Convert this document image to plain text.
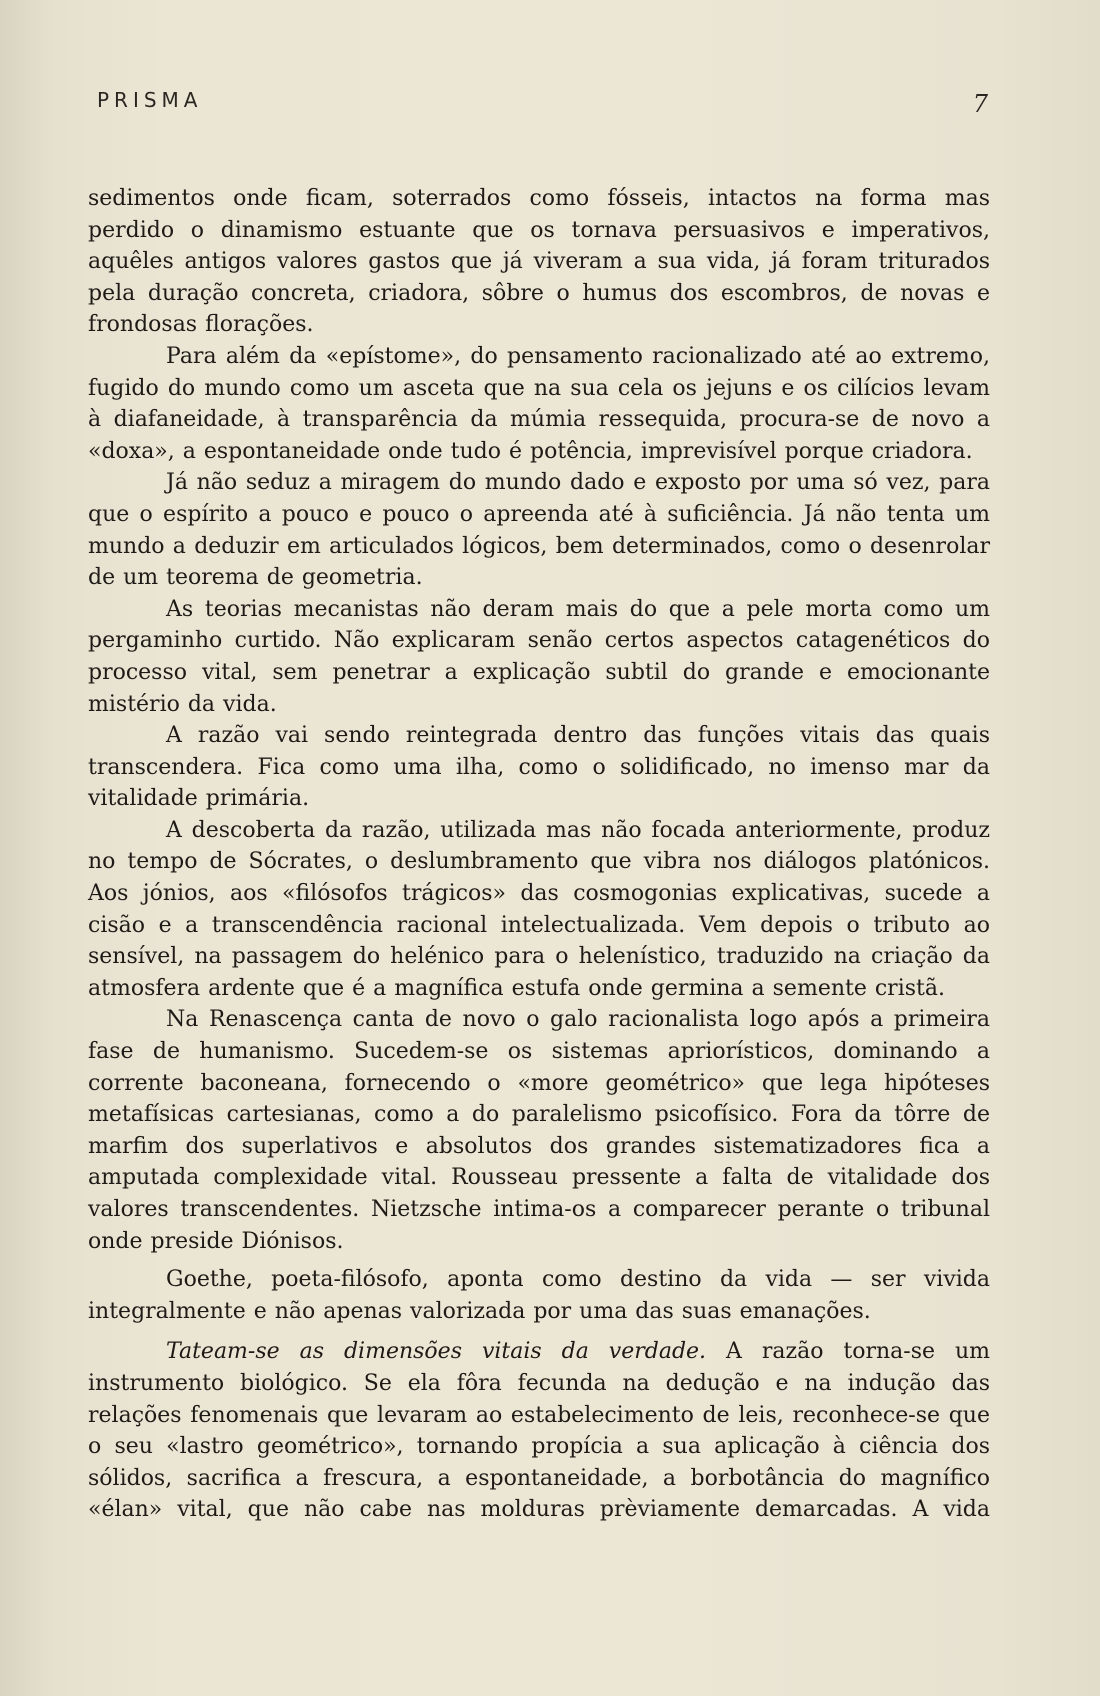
PRISMA	7

sedimentos onde ficam, soterrados como fósseis, intactos na forma mas perdido o dinamismo estuante que os tornava persuasivos e imperativos, aquêles antigos valores gastos que já viveram a sua vida, já foram triturados pela duração concreta, criadora, sôbre o humus dos escombros, de novas e frondosas florações.

Para além da «epístome», do pensamento racionalizado até ao extremo, fugido do mundo como um asceta que na sua cela os jejuns e os cilícios levam à diafaneidade, à transparência da múmia ressequida, procura-se de novo a «doxa», a espontaneidade onde tudo é potência, imprevisível porque criadora.

Já não seduz a miragem do mundo dado e exposto por uma só vez, para que o espírito a pouco e pouco o apreenda até à suficiência. Já não tenta um mundo a deduzir em articulados lógicos, bem determinados, como o desenrolar de um teorema de geometria.

As teorias mecanistas não deram mais do que a pele morta como um pergaminho curtido. Não explicaram senão certos aspectos catagenéticos do processo vital, sem penetrar a explicação subtil do grande e emocionante mistério da vida.

A razão vai sendo reintegrada dentro das funções vitais das quais transcendera. Fica como uma ilha, como o solidificado, no imenso mar da vitalidade primária.

A descoberta da razão, utilizada mas não focada anteriormente, produz no tempo de Sócrates, o deslumbramento que vibra nos diálogos platónicos. Aos jónios, aos «filósofos trágicos» das cosmogonias explicativas, sucede a cisão e a transcendência racional intelectualizada. Vem depois o tributo ao sensível, na passagem do helénico para o helenístico, traduzido na criação da atmosfera ardente que é a magnífica estufa onde germina a semente cristã.

Na Renascença canta de novo o galo racionalista logo após a primeira fase de humanismo. Sucedem-se os sistemas apriorísticos, dominando a corrente baconeana, fornecendo o «more geométrico» que lega hipóteses metafísicas cartesianas, como a do paralelismo psicofísico. Fora da tôrre de marfim dos superlativos e absolutos dos grandes sistematizadores fica a amputada complexidade vital. Rousseau pressente a falta de vitalidade dos valores transcendentes. Nietzsche intima-os a comparecer perante o tribunal onde preside Diónisos.

Goethe, poeta-filósofo, aponta como destino da vida — ser vivida integralmente e não apenas valorizada por uma das suas emanações.

Tateam-se as dimensões vitais da verdade. A razão torna-se um instrumento biológico. Se ela fôra fecunda na dedução e na indução das relações fenomenais que levaram ao estabelecimento de leis, reconhece-se que o seu «lastro geométrico», tornando propícia a sua aplicação à ciência dos sólidos, sacrifica a frescura, a espontaneidade, a borbotância do magnífico «élan» vital, que não cabe nas molduras prèviamente demarcadas. A vida
